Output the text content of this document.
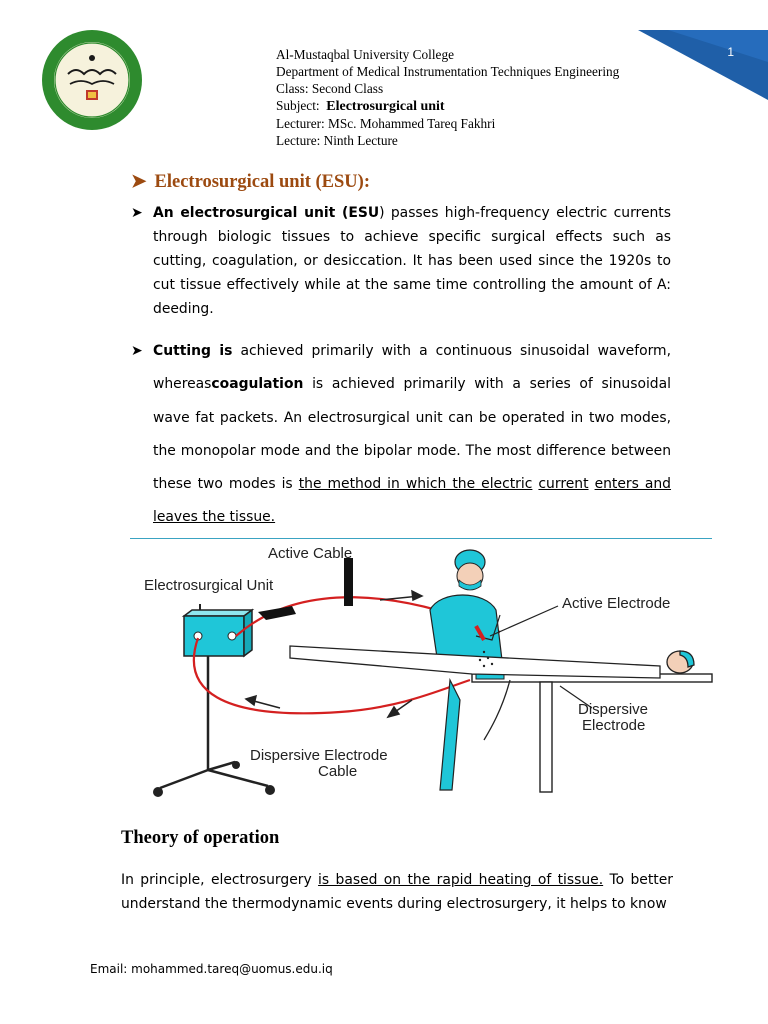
1
Al-Mustaqbal University College
Department of Medical Instrumentation Techniques Engineering
Class: Second Class
Subject: Electrosurgical unit
Lecturer: MSc. Mohammed Tareq Fakhri
Lecture: Ninth Lecture
➤ Electrosurgical unit (ESU):
➤ An electrosurgical unit (ESU) passes high-frequency electric currents through biologic tissues to achieve specific surgical effects such as cutting, coagulation, or desiccation. It has been used since the 1920s to cut tissue effectively while at the same time controlling the amount of A: deeding.
➤ Cutting is achieved primarily with a continuous sinusoidal waveform, whereascoagulation is achieved primarily with a series of sinusoidal wave fat packets. An electrosurgical unit can be operated in two modes, the monopolar mode and the bipolar mode. The most difference between these two modes is the method in which the electric current enters and leaves the tissue.
Active Cable
Electrosurgical Unit
Active Electrode
Dispersive
Electrode
Dispersive Electrode
Cable
Theory of operation
In principle, electrosurgery is based on the rapid heating of tissue. To better understand the thermodynamic events during electrosurgery, it helps to know
Email: mohammed.tareq@uomus.edu.iq
